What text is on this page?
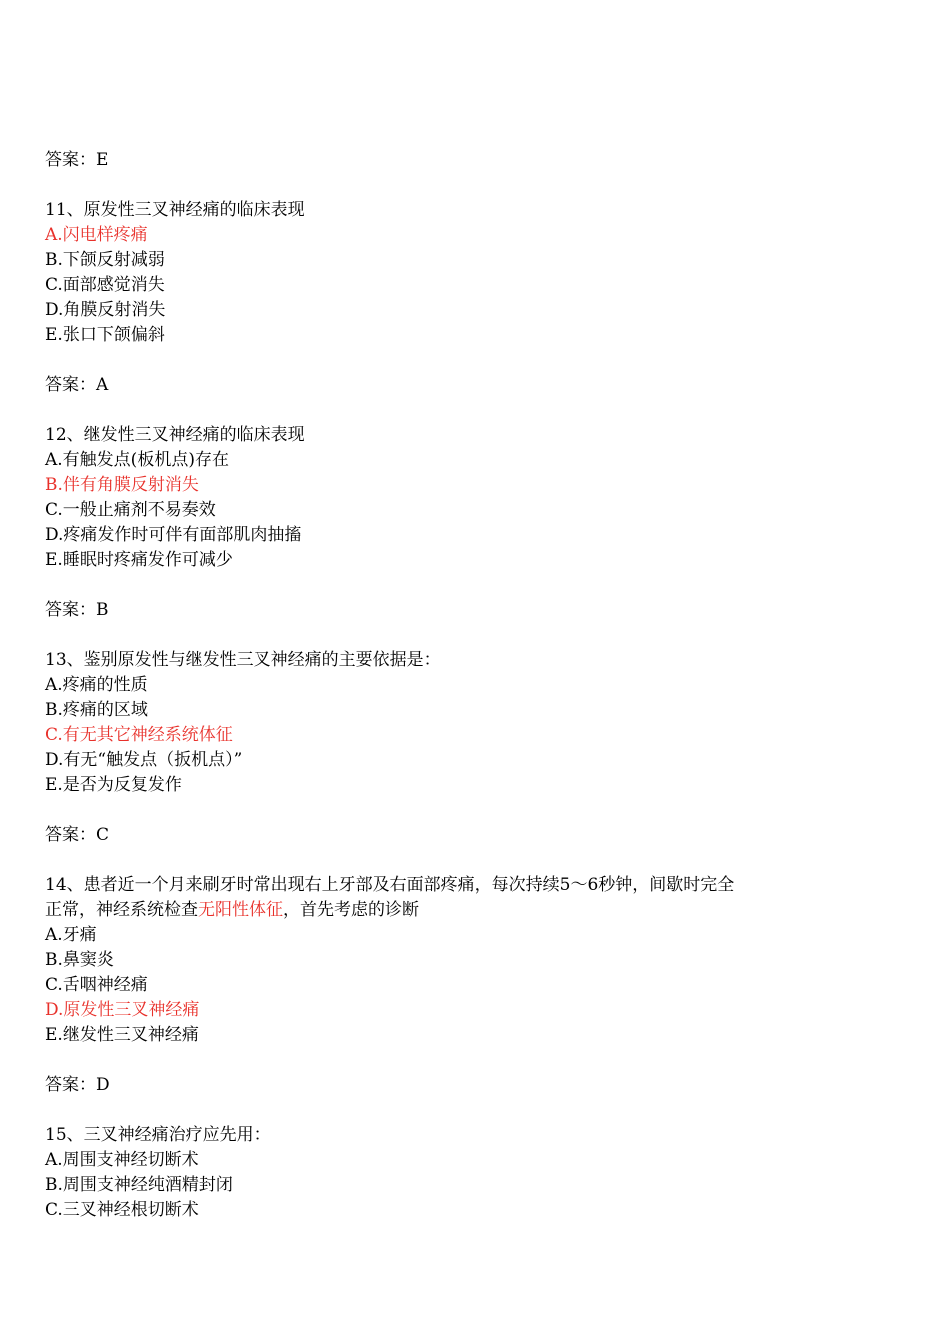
答案：E
11、原发性三叉神经痛的临床表现
A.闪电样疼痛
B.下颌反射减弱
C.面部感觉消失
D.角膜反射消失
E.张口下颌偏斜
答案：A
12、继发性三叉神经痛的临床表现
A.有触发点(板机点)存在
B.伴有角膜反射消失
C.一般止痛剂不易奏效
D.疼痛发作时可伴有面部肌肉抽搐
E.睡眠时疼痛发作可减少
答案：B
13、鉴别原发性与继发性三叉神经痛的主要依据是：
A.疼痛的性质
B.疼痛的区域
C.有无其它神经系统体征
D.有无“触发点（扳机点）”
E.是否为反复发作
答案：C
14、患者近一个月来刷牙时常出现右上牙部及右面部疼痛，每次持续5～6秒钟，间歇时完全
正常，神经系统检查无阳性体征，首先考虑的诊断
A.牙痛
B.鼻窦炎
C.舌咽神经痛
D.原发性三叉神经痛
E.继发性三叉神经痛
答案：D
15、三叉神经痛治疗应先用：
A.周围支神经切断术
B.周围支神经纯酒精封闭
C.三叉神经根切断术
